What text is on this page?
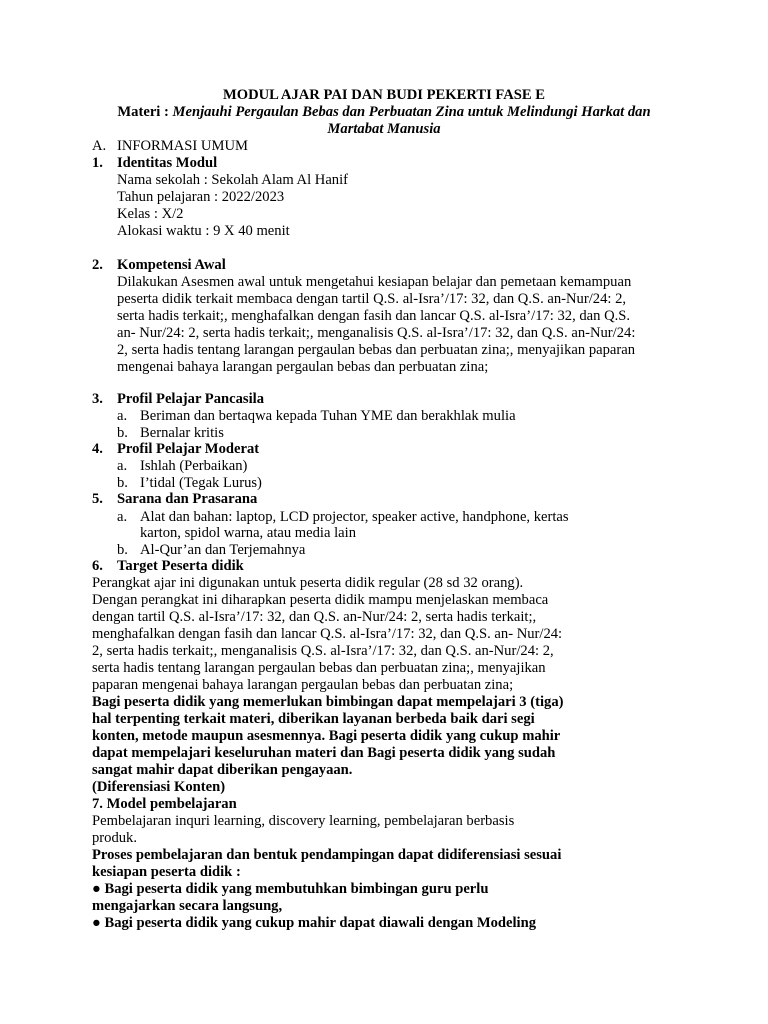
MODUL AJAR PAI DAN BUDI PEKERTI FASE E
Materi : Menjauhi Pergaulan Bebas dan Perbuatan Zina untuk Melindungi Harkat dan
Martabat Manusia
A. INFORMASI UMUM
1. Identitas Modul
Nama sekolah : Sekolah Alam Al Hanif
Tahun pelajaran : 2022/2023
Kelas : X/2
Alokasi waktu : 9 X 40 menit
2. Kompetensi Awal
Dilakukan Asesmen awal untuk mengetahui kesiapan belajar dan pemetaan kemampuan
peserta didik terkait membaca dengan tartil Q.S. al-Isra’/17: 32, dan Q.S. an-Nur/24: 2,
serta hadis terkait;, menghafalkan dengan fasih dan lancar Q.S. al-Isra’/17: 32, dan Q.S.
an- Nur/24: 2, serta hadis terkait;, menganalisis Q.S. al-Isra’/17: 32, dan Q.S. an-Nur/24:
2, serta hadis tentang larangan pergaulan bebas dan perbuatan zina;, menyajikan paparan
mengenai bahaya larangan pergaulan bebas dan perbuatan zina;
3. Profil Pelajar Pancasila
a. Beriman dan bertaqwa kepada Tuhan YME dan berakhlak mulia
b. Bernalar kritis
4. Profil Pelajar Moderat
a. Ishlah (Perbaikan)
b. I’tidal (Tegak Lurus)
5. Sarana dan Prasarana
a. Alat dan bahan: laptop, LCD projector, speaker active, handphone, kertas
karton, spidol warna, atau media lain
b. Al-Qur’an dan Terjemahnya
6. Target Peserta didik
Perangkat ajar ini digunakan untuk peserta didik regular (28 sd 32 orang).
Dengan perangkat ini diharapkan peserta didik mampu menjelaskan membaca
dengan tartil Q.S. al-Isra’/17: 32, dan Q.S. an-Nur/24: 2, serta hadis terkait;,
menghafalkan dengan fasih dan lancar Q.S. al-Isra’/17: 32, dan Q.S. an- Nur/24:
2, serta hadis terkait;, menganalisis Q.S. al-Isra’/17: 32, dan Q.S. an-Nur/24: 2,
serta hadis tentang larangan pergaulan bebas dan perbuatan zina;, menyajikan
paparan mengenai bahaya larangan pergaulan bebas dan perbuatan zina;
Bagi peserta didik yang memerlukan bimbingan dapat mempelajari 3 (tiga)
hal terpenting terkait materi, diberikan layanan berbeda baik dari segi
konten, metode maupun asesmennya. Bagi peserta didik yang cukup mahir
dapat mempelajari keseluruhan materi dan Bagi peserta didik yang sudah
sangat mahir dapat diberikan pengayaan.
(Diferensiasi Konten)
7. Model pembelajaran
Pembelajaran inquri learning, discovery learning, pembelajaran berbasis
produk.
Proses pembelajaran dan bentuk pendampingan dapat didiferensiasi sesuai
kesiapan peserta didik :
● Bagi peserta didik yang membutuhkan bimbingan guru perlu
mengajarkan secara langsung,
● Bagi peserta didik yang cukup mahir dapat diawali dengan Modeling
